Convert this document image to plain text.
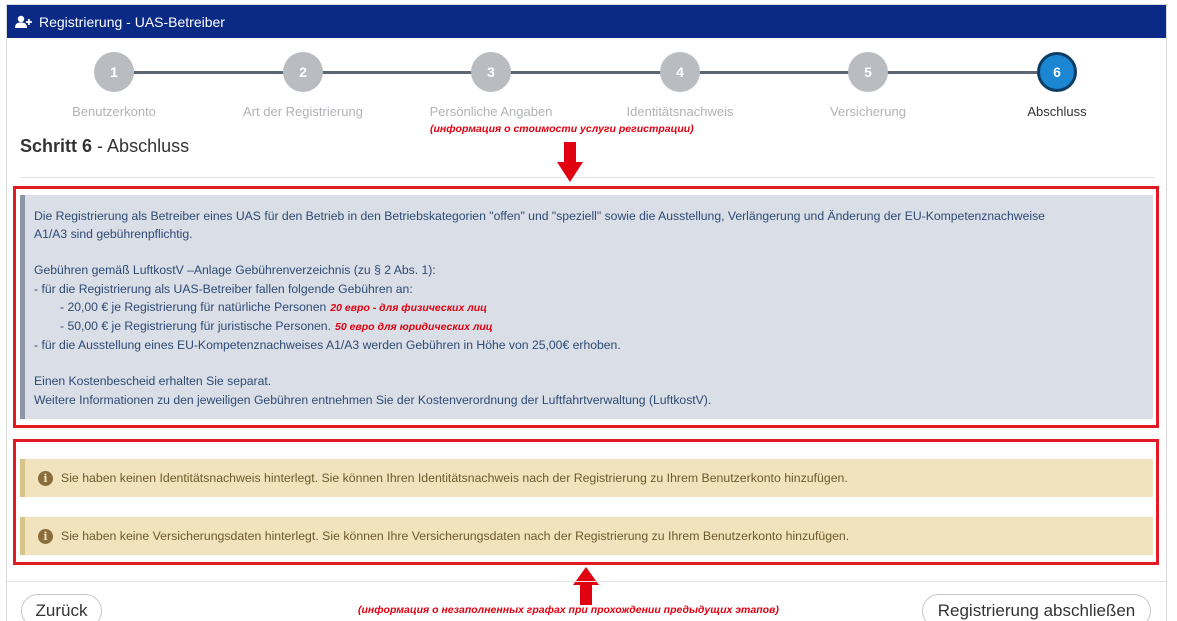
Registrierung - UAS-Betreiber
1
Benutzerkonto
2
Art der Registrierung
3
Persönliche Angaben
4
Identitätsnachweis
5
Versicherung
6
Abschluss
(информация о стоимости услуги регистрации)
Schritt 6 - Abschluss

Die Registrierung als Betreiber eines UAS für den Betrieb in den Betriebskategorien "offen" und "speziell" sowie die Ausstellung, Verlängerung und Änderung der EU-Kompetenznachweise

A1/A3 sind gebührenpflichtig.

Gebühren gemäß LuftkostV –Anlage Gebührenverzeichnis (zu § 2 Abs. 1):

- für die Registrierung als UAS-Betreiber fallen folgende Gebühren an:

- 20,00 € je Registrierung für natürliche Personen 20 евро - для физических лиц

- 50,00 € je Registrierung für juristische Personen. 50 евро для юридических лиц

- für die Ausstellung eines EU-Kompetenznachweises A1/A3 werden Gebühren in Höhe von 25,00€ erhoben.

Einen Kostenbescheid erhalten Sie separat.

Weitere Informationen zu den jeweiligen Gebühren entnehmen Sie der Kostenverordnung der Luftfahrtverwaltung (LuftkostV).

i	Sie haben keinen Identitätsnachweis hinterlegt. Sie können Ihren Identitätsnachweis nach der Registrierung zu Ihrem Benutzerkonto hinzufügen.
i	Sie haben keine Versicherungsdaten hinterlegt. Sie können Ihre Versicherungsdaten nach der Registrierung zu Ihrem Benutzerkonto hinzufügen.
Zurück	(информация о незаполненных графах при прохождении предыдущих этапов)	Registrierung abschließen
